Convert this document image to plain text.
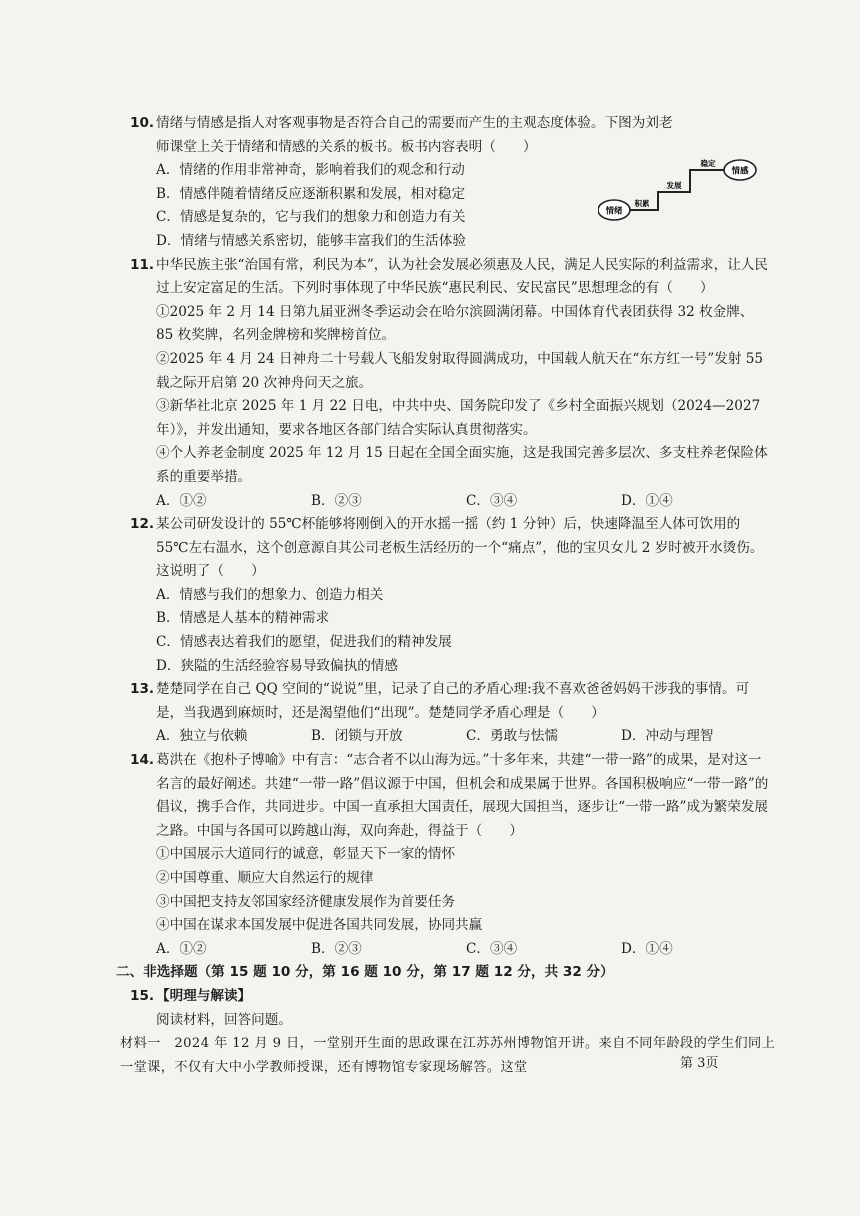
10. 情绪与情感是指人对客观事物是否符合自己的需要而产生的主观态度体验。下图为刘老
师课堂上关于情绪和情感的关系的板书。板书内容表明（　　）
A．情绪的作用非常神奇，影响着我们的观念和行动
B．情感伴随着情绪反应逐渐积累和发展，相对稳定
C．情感是复杂的，它与我们的想象力和创造力有关
D．情绪与情感关系密切，能够丰富我们的生活体验
情绪
情感
积累
发展
稳定
11. 中华民族主张“治国有常，利民为本”，认为社会发展必须惠及人民，满足人民实际的利益需求，让人民过上安定富足的生活。下列时事体现了中华民族“惠民利民、安民富民”思想理念的有（　　）
①2025 年 2 月 14 日第九届亚洲冬季运动会在哈尔滨圆满闭幕。中国体育代表团获得 32 枚金牌、85 枚奖牌，名列金牌榜和奖牌榜首位。
②2025 年 4 月 24 日神舟二十号载人飞船发射取得圆满成功，中国载人航天在“东方红一号”发射 55 载之际开启第 20 次神舟问天之旅。
③新华社北京 2025 年 1 月 22 日电，中共中央、国务院印发了《乡村全面振兴规划（2024—2027 年）》，并发出通知，要求各地区各部门结合实际认真贯彻落实。
④个人养老金制度 2025 年 12 月 15 日起在全国全面实施，这是我国完善多层次、多支柱养老保险体系的重要举措。
A．①②	B．②③	C．③④	D．①④
12. 某公司研发设计的 55℃杯能够将刚倒入的开水摇一摇（约 1 分钟）后，快速降温至人体可饮用的 55℃左右温水，这个创意源自其公司老板生活经历的一个“痛点”，他的宝贝女儿 2 岁时被开水烫伤。这说明了（　　）
A．情感与我们的想象力、创造力相关
B．情感是人基本的精神需求
C．情感表达着我们的愿望，促进我们的精神发展
D．狭隘的生活经验容易导致偏执的情感
13. 楚楚同学在自己 QQ 空间的“说说”里，记录了自己的矛盾心理:我不喜欢爸爸妈妈干涉我的事情。可是，当我遇到麻烦时，还是渴望他们“出现”。楚楚同学矛盾心理是（　　）
A．独立与依赖	B．闭锁与开放	C．勇敢与怯懦	D．冲动与理智
14. 葛洪在《抱朴子博喻》中有言：“志合者不以山海为远。”十多年来，共建“一带一路”的成果，是对这一名言的最好阐述。共建“一带一路”倡议源于中国，但机会和成果属于世界。各国积极响应“一带一路”的倡议，携手合作，共同进步。中国一直承担大国责任，展现大国担当，逐步让“一带一路”成为繁荣发展之路。中国与各国可以跨越山海，双向奔赴，得益于（　　）
①中国展示大道同行的诚意，彰显天下一家的情怀
②中国尊重、顺应大自然运行的规律
③中国把支持友邻国家经济健康发展作为首要任务
④中国在谋求本国发展中促进各国共同发展，协同共赢
A．①②	B．②③	C．③④	D．①④
二、非选择题（第 15 题 10 分，第 16 题 10 分，第 17 题 12 分，共 32 分）
15. 【明理与解读】
阅读材料，回答问题。
材料一　2024 年 12 月 9 日，一堂别开生面的思政课在江苏苏州博物馆开讲。来自不同年龄段的学生们同上一堂课，不仅有大中小学教师授课，还有博物馆专家现场解答。这堂	第 3页
